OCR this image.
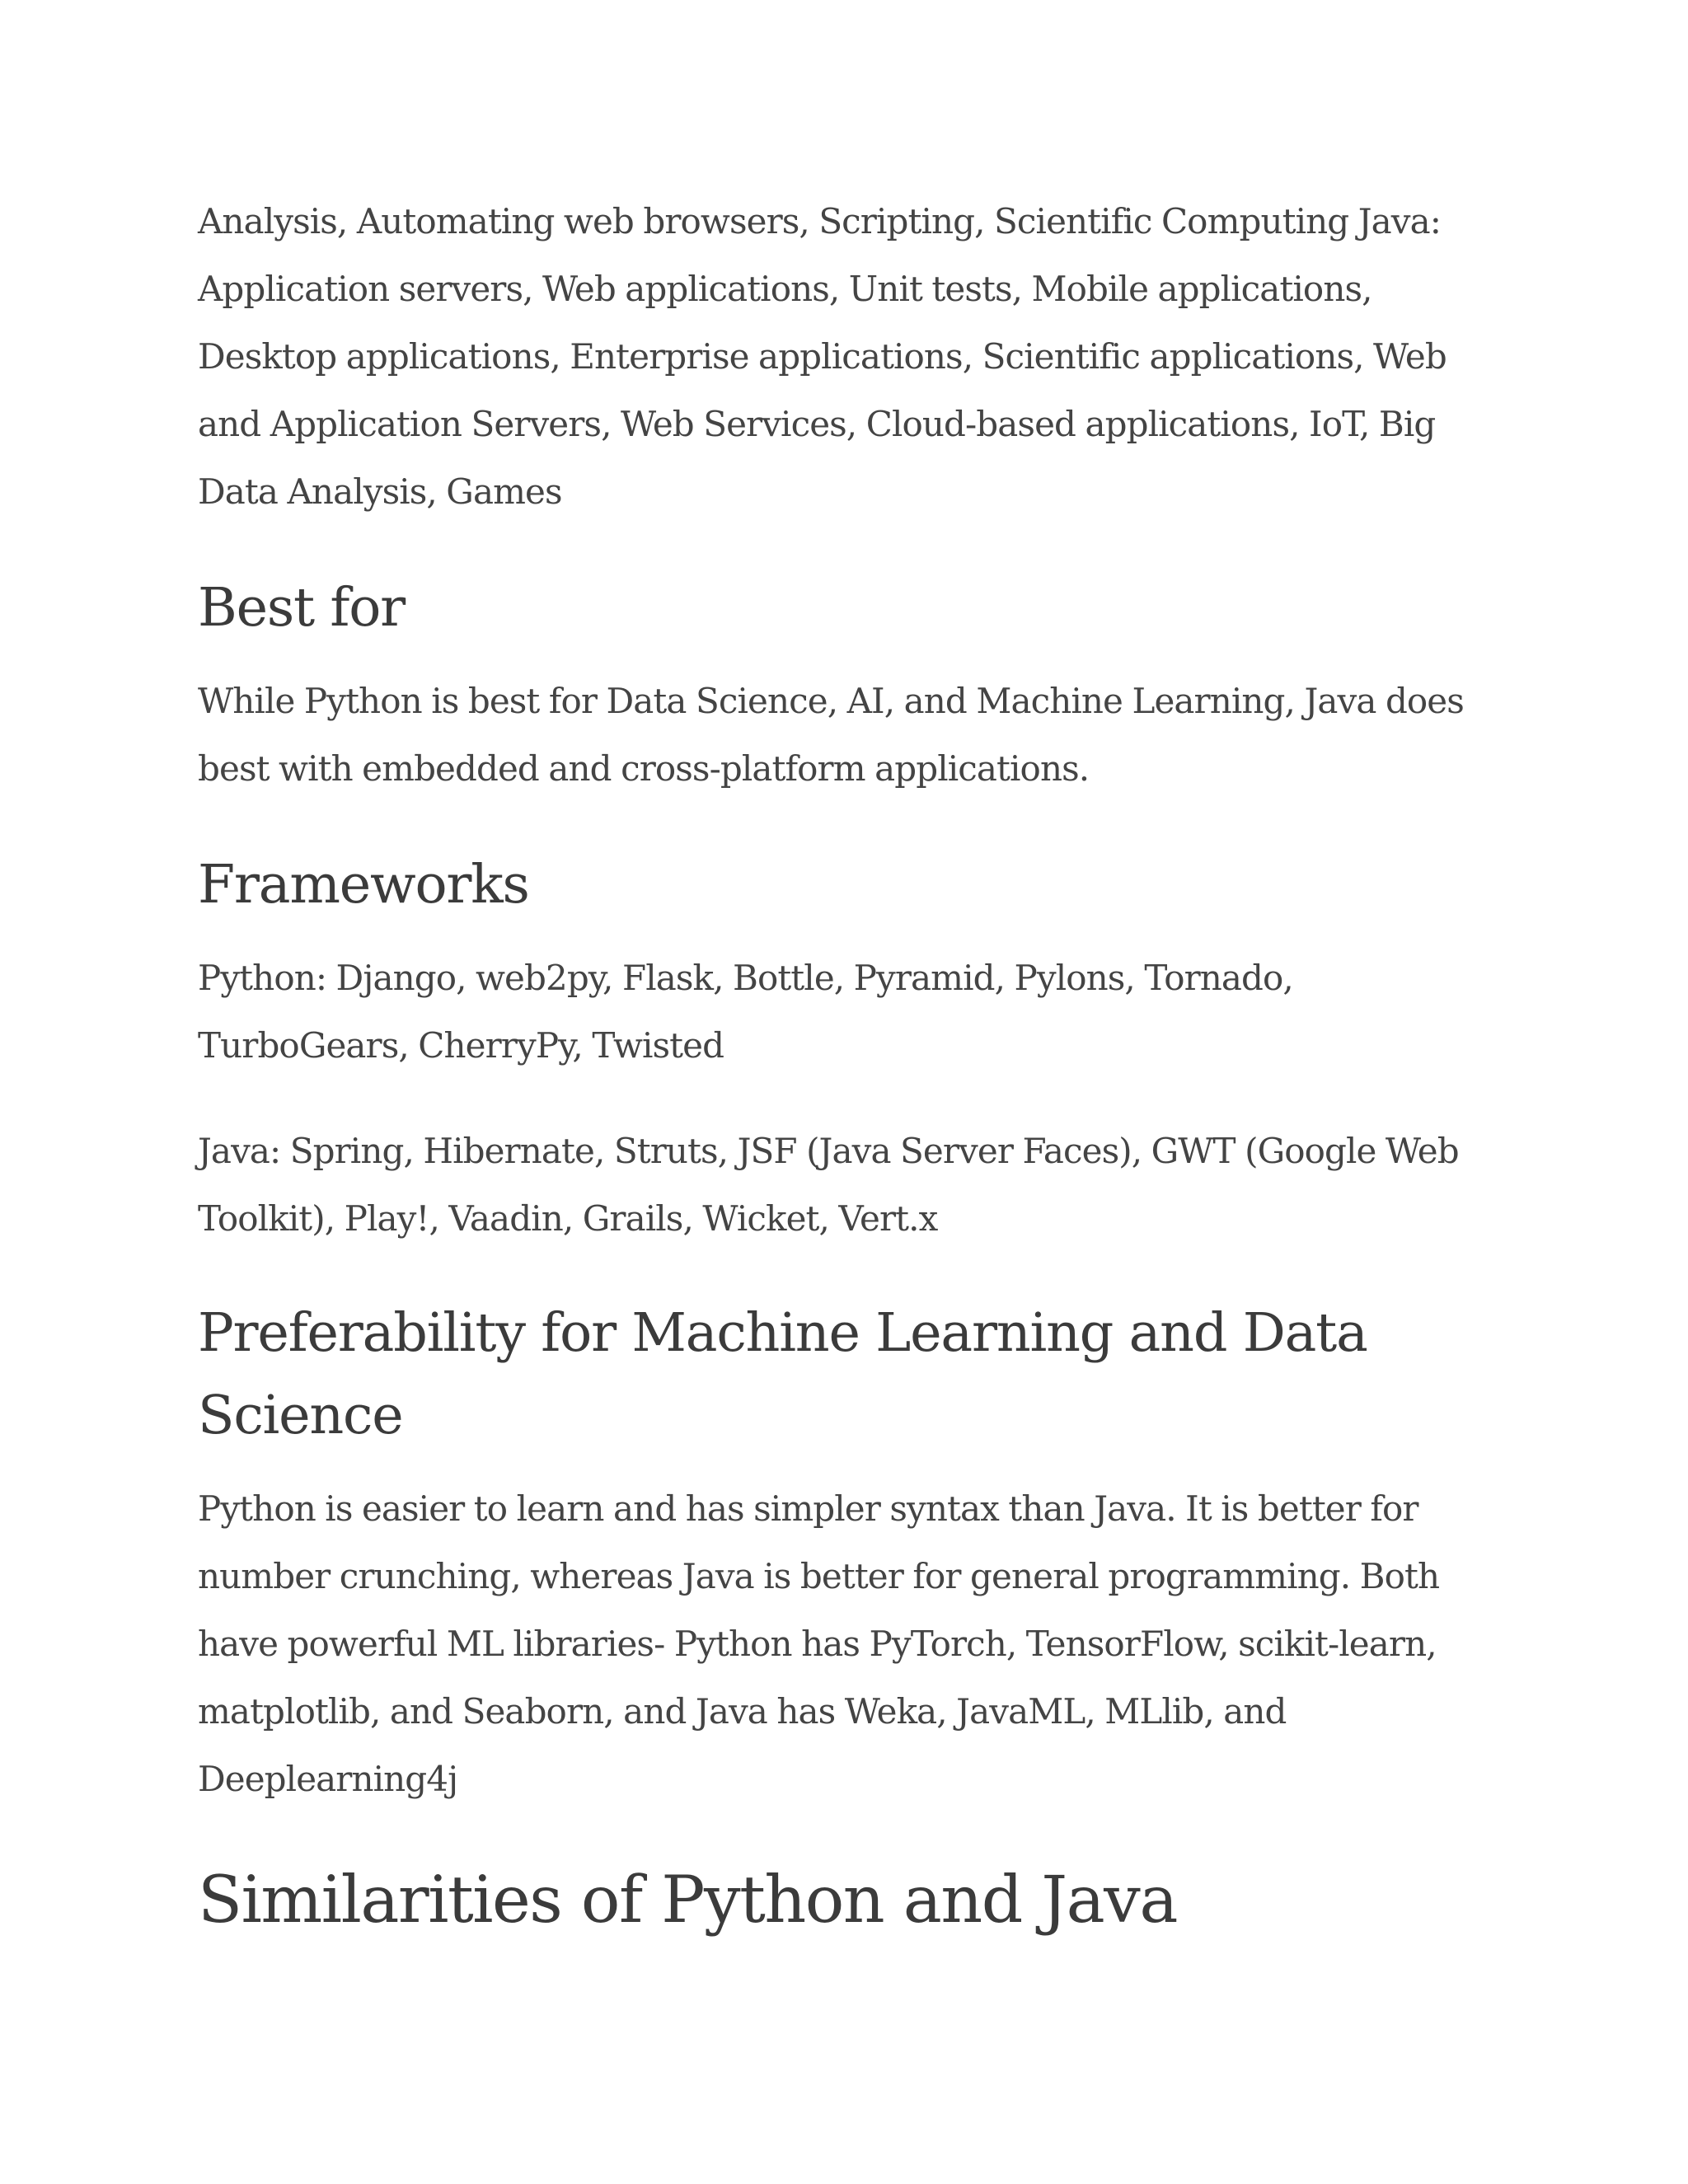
Analysis, Automating web browsers, Scripting, Scientific Computing Java: Application servers, Web applications, Unit tests, Mobile applications, Desktop applications, Enterprise applications, Scientific applications, Web and Application Servers, Web Services, Cloud-based applications, IoT, Big Data Analysis, Games

Best for

While Python is best for Data Science, AI, and Machine Learning, Java does best with embedded and cross-platform applications.

Frameworks

Python: Django, web2py, Flask, Bottle, Pyramid, Pylons, Tornado, TurboGears, CherryPy, Twisted

Java: Spring, Hibernate, Struts, JSF (Java Server Faces), GWT (Google Web Toolkit), Play!, Vaadin, Grails, Wicket, Vert.x

Preferability for Machine Learning and Data Science

Python is easier to learn and has simpler syntax than Java. It is better for number crunching, whereas Java is better for general programming. Both have powerful ML libraries- Python has PyTorch, TensorFlow, scikit-learn, matplotlib, and Seaborn, and Java has Weka, JavaML, MLlib, and Deeplearning4j

Similarities of Python and Java
